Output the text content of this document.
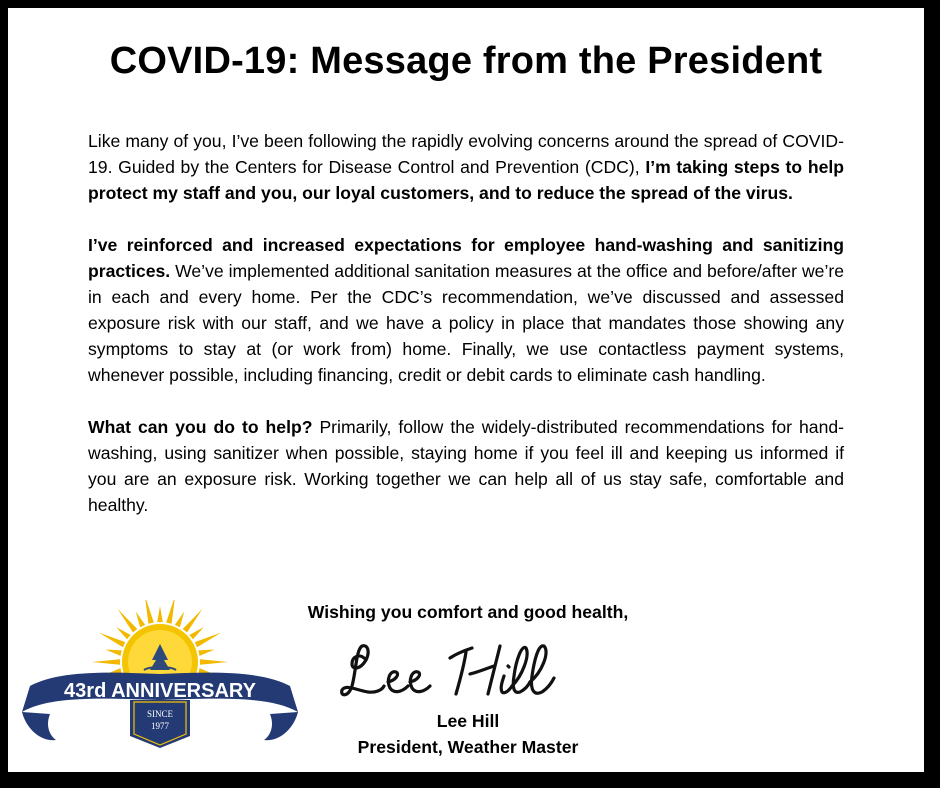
COVID-19: Message from the President

Like many of you, I’ve been following the rapidly evolving concerns around the spread of COVID-19. Guided by the Centers for Disease Control and Prevention (CDC), I’m taking steps to help protect my staff and you, our loyal customers, and to reduce the spread of the virus.

I’ve reinforced and increased expectations for employee hand-washing and sanitizing practices. We’ve implemented additional sanitation measures at the office and before/after we’re in each and every home. Per the CDC’s recommendation, we’ve discussed and assessed exposure risk with our staff, and we have a policy in place that mandates those showing any symptoms to stay at (or work from) home. Finally, we use contactless payment systems, whenever possible, including financing, credit or debit cards to eliminate cash handling.

What can you do to help? Primarily, follow the widely-distributed recommendations for hand-washing, using sanitizer when possible, staying home if you feel ill and keeping us informed if you are an exposure risk. Working together we can help all of us stay safe, comfortable and healthy.

Wishing you comfort and good health,
Lee Hill
President, Weather Master
43rd ANNIVERSARY
SINCE
1977
